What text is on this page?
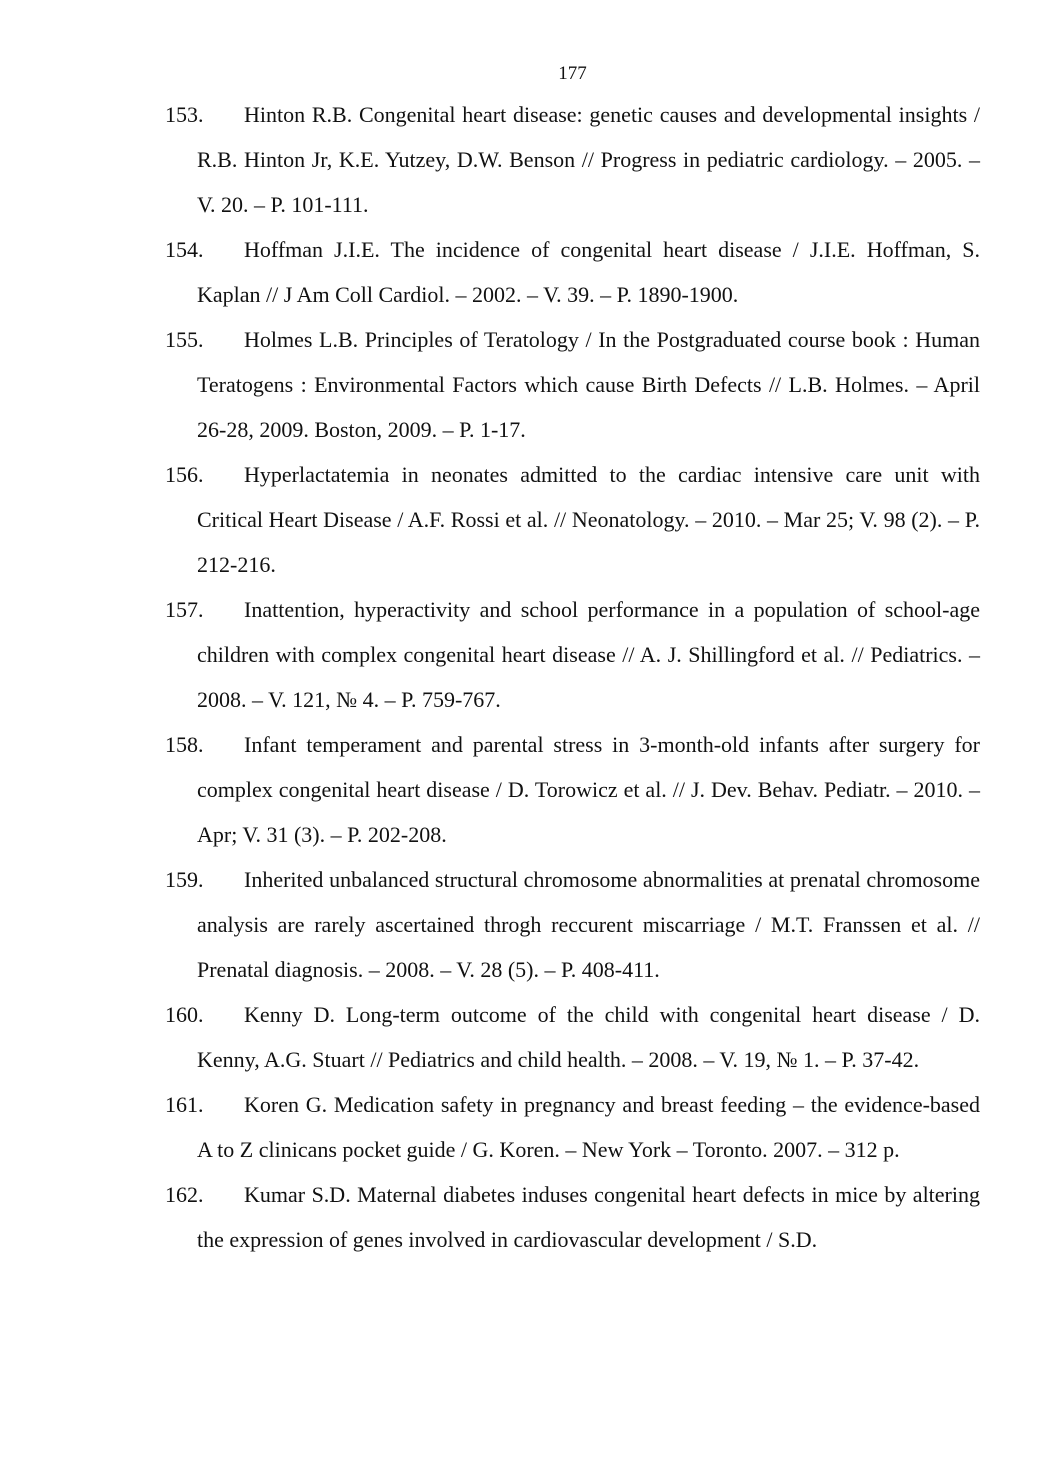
177
153. Hinton R.B. Congenital heart disease: genetic causes and developmental insights / R.B. Hinton Jr, K.E. Yutzey, D.W. Benson // Progress in pediatric cardiology. – 2005. – V. 20. – P. 101-111.
154. Hoffman J.I.E. The incidence of congenital heart disease / J.I.E. Hoffman, S. Kaplan // J Am Coll Cardiol. – 2002. – V. 39. – P. 1890-1900.
155. Holmes L.B. Principles of Teratology / In the Postgraduated course book : Human Teratogens : Environmental Factors which cause Birth Defects // L.B. Holmes. – April 26-28, 2009. Boston, 2009. – P. 1-17.
156. Hyperlactatemia in neonates admitted to the cardiac intensive care unit with Critical Heart Disease / A.F. Rossi et al. // Neonatology. – 2010. – Mar 25; V. 98 (2). – P. 212-216.
157. Inattention, hyperactivity and school performance in a population of school-age children with complex congenital heart disease // A. J. Shillingford et al. // Pediatrics. – 2008. – V. 121, № 4. – P. 759-767.
158. Infant temperament and parental stress in 3-month-old infants after surgery for complex congenital heart disease / D. Torowicz et al. // J. Dev. Behav. Pediatr. – 2010. – Apr; V. 31 (3). – P. 202-208.
159. Inherited unbalanced structural chromosome abnormalities at prenatal chromosome analysis are rarely ascertained throgh reccurent miscarriage / M.T. Franssen et al. // Prenatal diagnosis. – 2008. – V. 28 (5). – P. 408-411.
160. Kenny D. Long-term outcome of the child with congenital heart disease / D. Kenny, A.G. Stuart // Pediatrics and child health. – 2008. – V. 19, № 1. – P. 37-42.
161. Koren G. Medication safety in pregnancy and breast feeding – the evidence-based A to Z clinicans pocket guide / G. Koren. – New York – Toronto. 2007. – 312 p.
162. Kumar S.D. Maternal diabetes induses congenital heart defects in mice by altering the expression of genes involved in cardiovascular development / S.D.
